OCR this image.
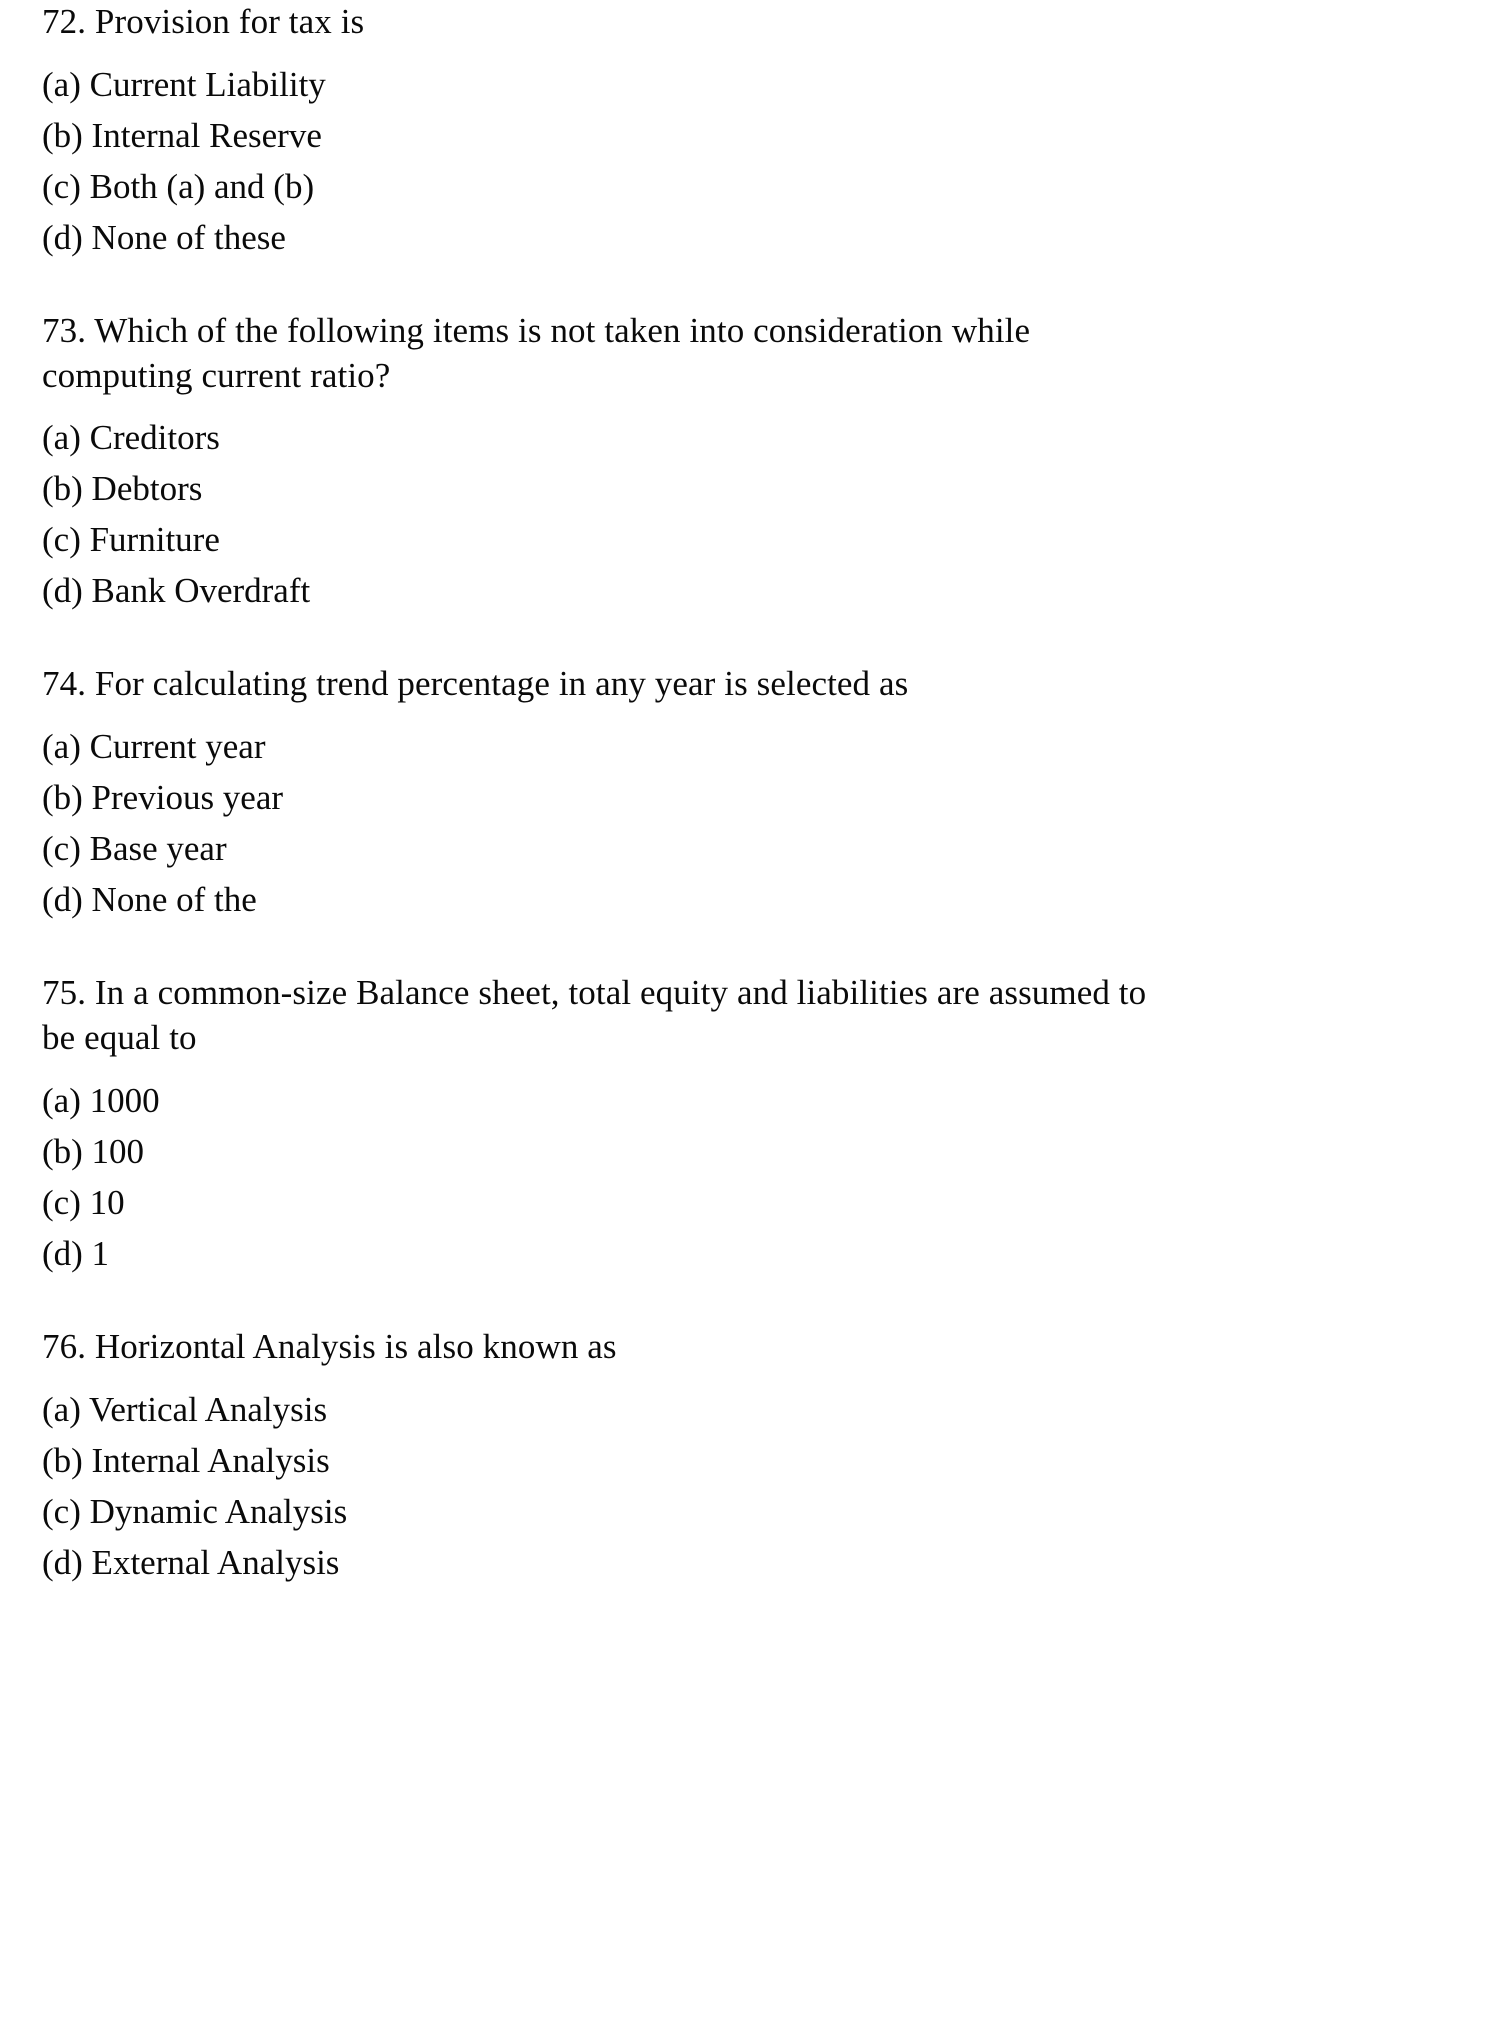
72. Provision for tax is

(a) Current Liability
(b) Internal Reserve
(c) Both (a) and (b)
(d) None of these

73. Which of the following items is not taken into consideration while  computing current ratio?

(a) Creditors
(b) Debtors
(c) Furniture
(d) Bank Overdraft

74. For calculating trend percentage in any year is selected as

(a) Current year
(b) Previous year
(c) Base year
(d) None of the

75. In a common-size Balance sheet, total equity and liabilities are assumed to be equal to

(a) 1000
(b) 100
(c) 10
(d) 1

76. Horizontal Analysis is also known as

(a) Vertical Analysis
(b) Internal Analysis
(c) Dynamic Analysis
(d) External Analysis
